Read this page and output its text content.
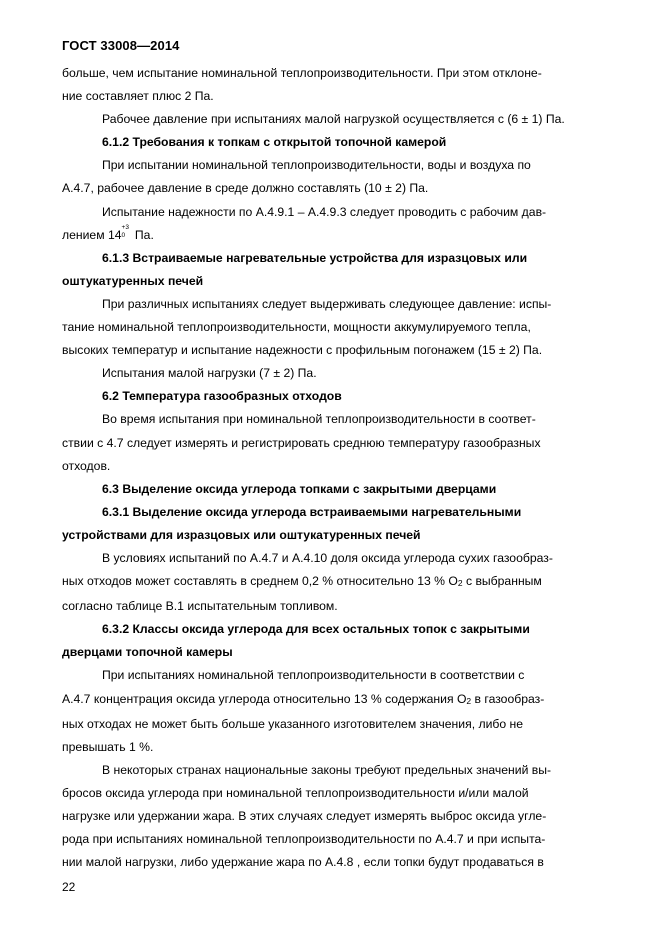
ГОСТ 33008—2014

больше, чем испытание номинальной теплопроизводительности. При этом отклоне-

ние составляет плюс 2 Па.

Рабочее давление при испытаниях малой нагрузкой осуществляется с (6 ± 1) Па.

6.1.2 Требования к топкам с открытой топочной камерой

При испытании номинальной теплопроизводительности, воды и воздуха по

А.4.7, рабочее давление в среде должно составлять (10 ± 2) Па.

Испытание надежности по А.4.9.1 – А.4.9.3 следует проводить с рабочим дав-

лением 14
+3
0 Па.

6.1.3 Встраиваемые нагревательные устройства для изразцовых или

оштукатуренных печей

При различных испытаниях следует выдерживать следующее давление: испы-

тание номинальной теплопроизводительности, мощности аккумулируемого тепла,

высоких температур и испытание надежности с профильным погонажем (15 ± 2) Па.

Испытания малой нагрузки (7 ± 2) Па.

6.2 Температура газообразных отходов

Во время испытания при номинальной теплопроизводительности в соответ-

ствии с 4.7 следует измерять и регистрировать среднюю температуру газообразных

отходов.

6.3 Выделение оксида углерода топками с закрытыми дверцами

6.3.1 Выделение оксида углерода встраиваемыми нагревательными

устройствами для изразцовых или оштукатуренных печей

В условиях испытаний по А.4.7 и А.4.10 доля оксида углерода сухих газообраз-

ных отходов может составлять в среднем 0,2 % относительно 13 % О2 с выбранным

согласно таблице В.1 испытательным топливом.

6.3.2 Классы оксида углерода для всех остальных топок с закрытыми

дверцами топочной камеры

При испытаниях номинальной теплопроизводительности в соответствии с

А.4.7 концентрация оксида углерода относительно 13 % содержания О2 в газообраз-

ных отходах не может быть больше указанного изготовителем значения, либо не

превышать 1 %.

В некоторых странах национальные законы требуют предельных значений вы-

бросов оксида углерода при номинальной теплопроизводительности и/или малой

нагрузке или удержании жара. В этих случаях следует измерять выброс оксида угле-

рода при испытаниях номинальной теплопроизводительности по А.4.7 и при испыта-

нии малой нагрузки, либо удержание жара по А.4.8 , если топки будут продаваться в

22
